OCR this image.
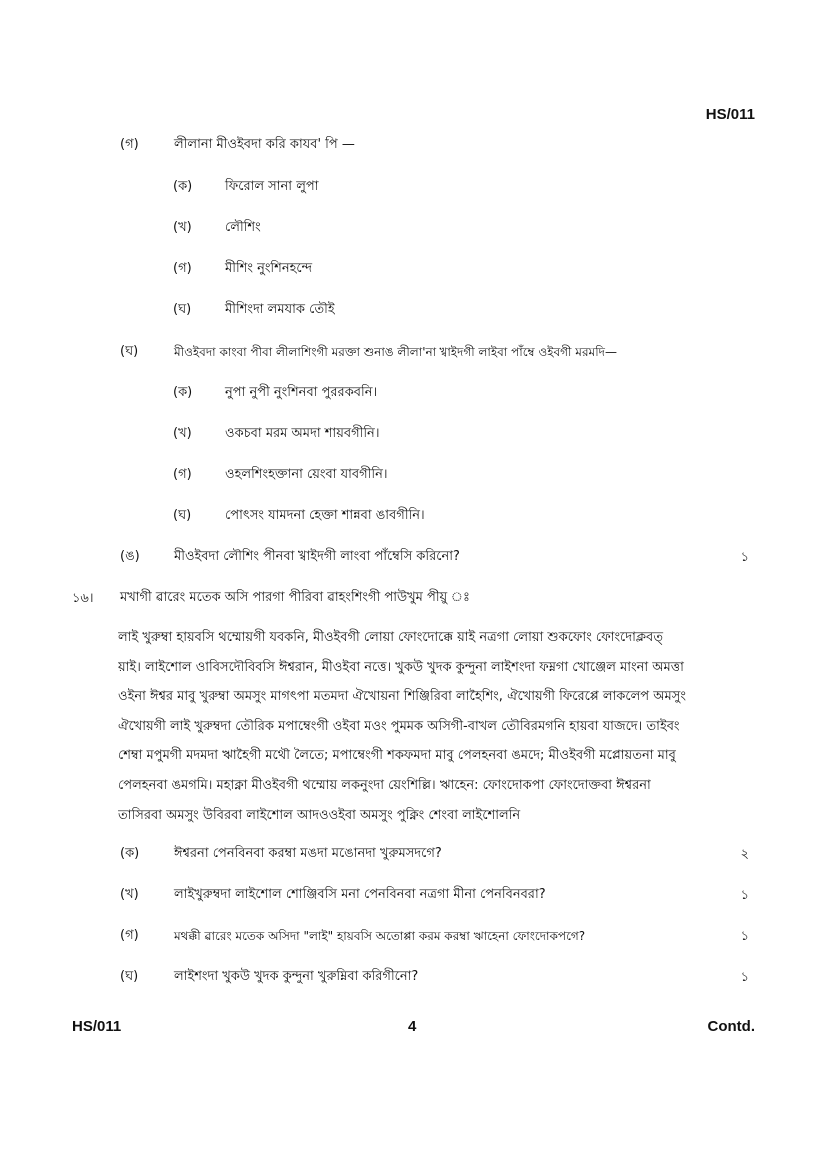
HS/011
(গ)	লীলানা মীওইবদা করি কাযব' পি —
(ক)	ফিরোল সানা লুপা
(খ)	লৌশিং
(গ)	মীশিং নুংশিনহন্দে
(ঘ)	মীশিংদা লমযাক তৌই
(ঘ)	মীওইবদা কাংবা পীবা লীলাশিংগী মরক্তা শুনাঙ লীলা'না খ্বাইদগী লাইবা পাঁম্বে ওইবগী মরমদি—
(ক)	নুপা নুপী নুংশিনবা পুররকবনি।
(খ)	ওকচবা মরম অমদা শায়বগীনি।
(গ)	ওহলশিংহক্তানা য়েংবা যাবগীনি।
(ঘ)	পোৎসং যামদনা হেক্তা শান্নবা ঙাবগীনি।
(ঙ)	মীওইবদা লৌশিং পীনবা খ্বাইদগী লাংবা পাঁম্বেসি করিনো?	১
১৬। মখাগী ৱারেং মতেক অসি পারগা পীরিবা ৱাহংশিংগী পাউখুম পীয়ু ঃ
লাই খুরুম্বা হায়বসি থম্মোয়গী যবকনি, মীওইবগী লোয়া ফোংদোক্কে য়াই নত্রগা লোয়া শুকফোং ফোংদোক্লবত্
য়াই। লাইশোল ওাবিসদৌবিবসি ঈশ্বরান, মীওইবা নত্তে। খুকউ খুদক কুন্দুনা লাইশংদা ফম্নগা খোঞ্জেল মাংনা অমত্তা
ওইনা ঈশ্বর মাবু খুরুম্বা অমসুং মাগৎপা মতমদা ঐখোয়না শিঞ্জিরিবা লাহৈশিং, ঐখোয়গী ফিরেপ্পে লাকলেপ অমসুং
ঐখোয়গী লাই খুরুম্বদা তৌরিক মপাম্বেংগী ওইবা মওং পুমমক অসিগী-বাখল তৌবিরমগনি হায়বা যাজদে। তাইবং
শেম্বা মপুমগী মদমদা ঋাহৈগী মথৌ লৈতে; মপাম্বেংগী শকফমদা মাবু পেলহনবা ঙমদে; মীওইবগী মপ্লোয়তনা মাবু
পেলহনবা ঙমগমি। মহাক্না মীওইবগী থম্মোয় লকনুংদা য়েংশিল্লি। ঋাহেন: ফোংদোকপা ফোংদোক্তবা ঈশ্বরনা
তাসিরবা অমসুং উবিরবা লাইশোল আদওওইবা অমসুং পুক্নিং শেংবা লাইশোলনি
(ক)	ঈশ্বরনা পেনবিনবা করম্বা মঙদা মঙোনদা খুরুমসদগে?	২
(খ)	লাইখুরুম্বদা লাইশোল শোঞ্জিবসি মনা পেনবিনবা নত্রগা মীনা পেনবিনবরা?	১
(গ)	মথক্কী ৱারেং মতেক অসিদা "লাই" হায়বসি অতোপ্পা করম করম্বা ঋাহেনা ফোংদোকপগে?	১
(ঘ)	লাইশংদা খুকউ খুদক কুন্দুনা খুরুম্নিবা করিগীনো?	১
HS/011	4	Contd.
